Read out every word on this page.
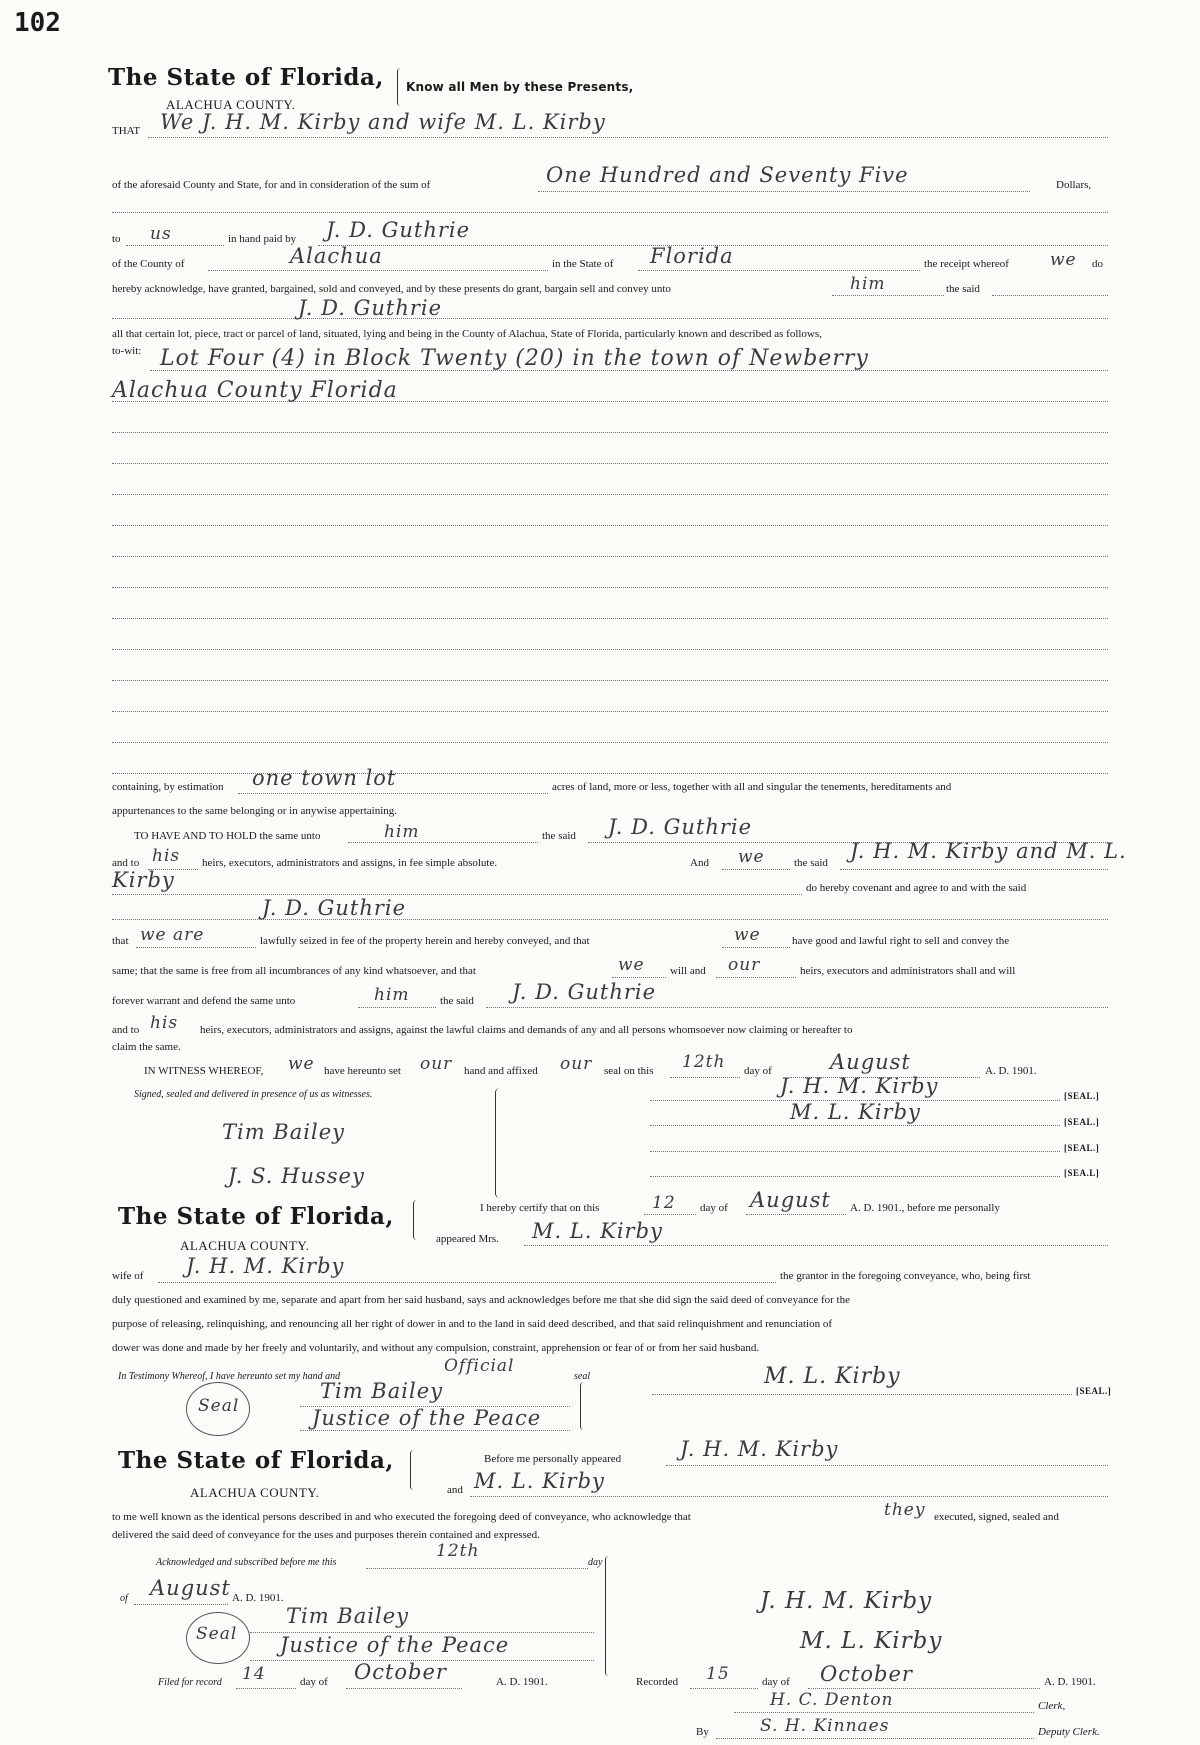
102
The State of Florida, Know all Men by these Presents,
ALACHUA COUNTY.
THAT We J. H. M. Kirby and wife M. L. Kirby
of the aforesaid County and State, for and in consideration of the sum of	One Hundred and Seventy Five	Dollars,
to us	in hand paid by J. D. Guthrie
of the County of	Alachua	in the State of Florida	the receipt whereof we do
hereby acknowledge, have granted, bargained, sold and conveyed, and by these presents do grant, bargain sell and convey unto	him	the said
J. D. Guthrie
all that certain lot, piece, tract or parcel of land, situated, lying and being in the County of Alachua, State of Florida, particularly known and described as follows,
to-wit: Lot Four (4) in Block Twenty (20) in the town of Newberry
Alachua County Florida
containing, by estimation one town lot	acres of land, more or less, together with all and singular the tenements, hereditaments and
appurtenances to the same belonging or in anywise appertaining.
TO HAVE AND TO HOLD the same unto	him	the said J. D. Guthrie
and to his heirs, executors, administrators and assigns, in fee simple absolute.	And we	the said J. H. M. Kirby and M. L.
Kirby	do hereby covenant and agree to and with the said
J. D. Guthrie
that we are	lawfully seized in fee of the property herein and hereby conveyed, and that	we	have good and lawful right to sell and convey the
same; that the same is free from all incumbrances of any kind whatsoever, and that	we will and our	heirs, executors and administrators shall and will
forever warrant and defend the same unto	him	the said J. D. Guthrie
and to his heirs, executors, administrators and assigns, against the lawful claims and demands of any and all persons whomsoever now claiming or hereafter to
claim the same.
IN WITNESS WHEREOF, we have hereunto set our hand and affixed our seal on this 12th day of	August	A. D. 1901.
Signed, sealed and delivered in presence of us as witnesses.
Tim Bailey
J. S. Hussey
J. H. M. Kirby	[SEAL.]
M. L. Kirby	[SEAL.]
[SEAL.]
[SEA.L]
The State of Florida,
ALACHUA COUNTY.
I hereby certify that on this	12 day of August A. D. 1901., before me personally
appeared Mrs. M. L. Kirby
wife of J. H. M. Kirby	the grantor in the foregoing conveyance, who, being first
duly questioned and examined by me, separate and apart from her said husband, says and acknowledges before me that she did sign the said deed of conveyance for the
purpose of releasing, relinquishing, and renouncing all her right of dower in and to the land in said deed described, and that said relinquishment and renunciation of
dower was done and made by her freely and voluntarily, and without any compulsion, constraint, apprehension or fear of or from her said husband.
In Testimony Whereof, I have hereunto set my hand and
Official
seal
Seal
Tim Bailey
Justice of the Peace
M. L. Kirby
[SEAL.]
The State of Florida,
ALACHUA COUNTY.
Before me personally appeared	J. H. M. Kirby
and M. L. Kirby
to me well known as the identical persons described in and who executed the foregoing deed of conveyance, who acknowledge that	they executed, signed, sealed and
delivered the said deed of conveyance for the uses and purposes therein contained and expressed.
Acknowledged and subscribed before me this
12th
day
of August A. D. 1901.
Seal
Tim Bailey
Justice of the Peace
J. H. M. Kirby
M. L. Kirby
Filed for record 14	day of October	A. D. 1901.	Recorded 15	day of October	A. D. 1901.
H. C. Denton	Clerk,
By	S. H. Kinnaes	Deputy Clerk.
